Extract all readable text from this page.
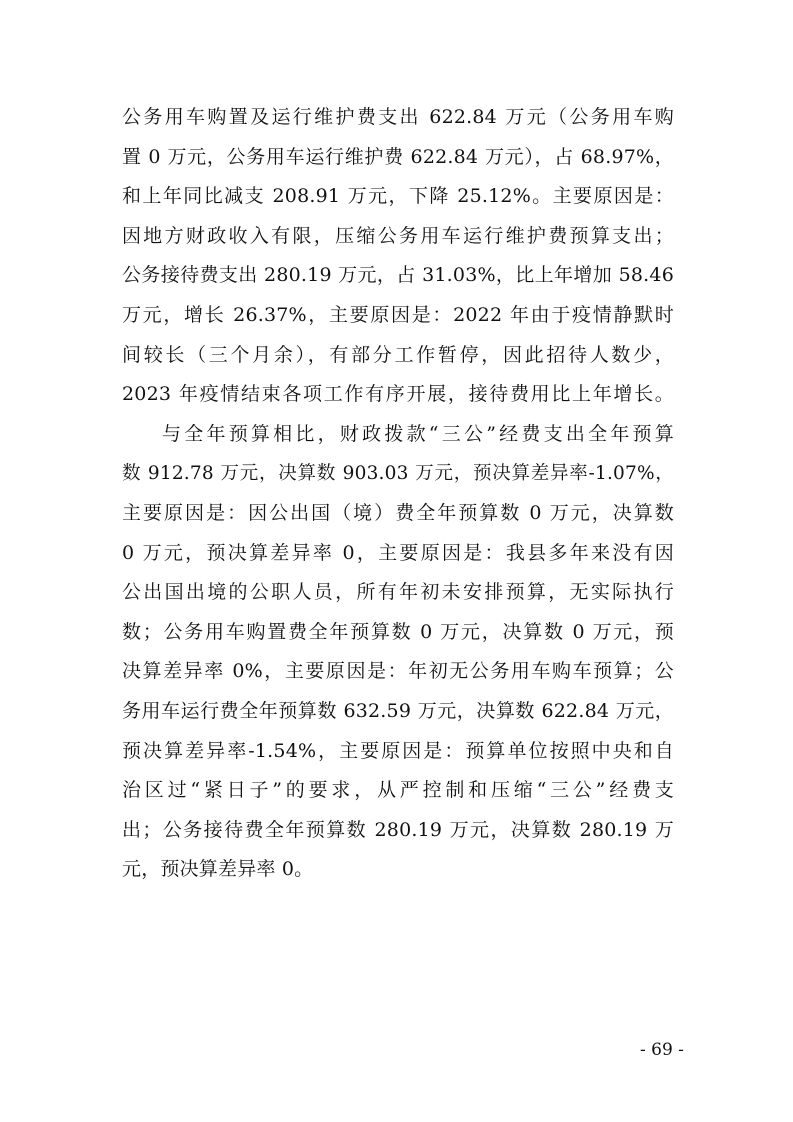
公务用车购置及运行维护费支出 622.84 万元（公务用车购
置 0 万元，公务用车运行维护费 622.84 万元），占 68.97%，
和上年同比减支 208.91 万元，下降 25.12%。主要原因是：
因地方财政收入有限，压缩公务用车运行维护费预算支出；
公务接待费支出 280.19 万元，占 31.03%，比上年增加 58.46
万元，增长 26.37%，主要原因是：2022 年由于疫情静默时
间较长（三个月余），有部分工作暂停，因此招待人数少，
2023 年疫情结束各项工作有序开展，接待费用比上年增长。
与全年预算相比，财政拨款“三公”经费支出全年预算
数 912.78 万元，决算数 903.03 万元，预决算差异率-1.07%，
主要原因是：因公出国（境）费全年预算数 0 万元，决算数
0 万元，预决算差异率 0，主要原因是：我县多年来没有因
公出国出境的公职人员，所有年初未安排预算，无实际执行
数；公务用车购置费全年预算数 0 万元，决算数 0 万元，预
决算差异率 0%，主要原因是：年初无公务用车购车预算；公
务用车运行费全年预算数 632.59 万元，决算数 622.84 万元，
预决算差异率-1.54%，主要原因是：预算单位按照中央和自
治区过“紧日子”的要求，从严控制和压缩“三公”经费支
出；公务接待费全年预算数 280.19 万元，决算数 280.19 万
元，预决算差异率 0。
- 69 -
